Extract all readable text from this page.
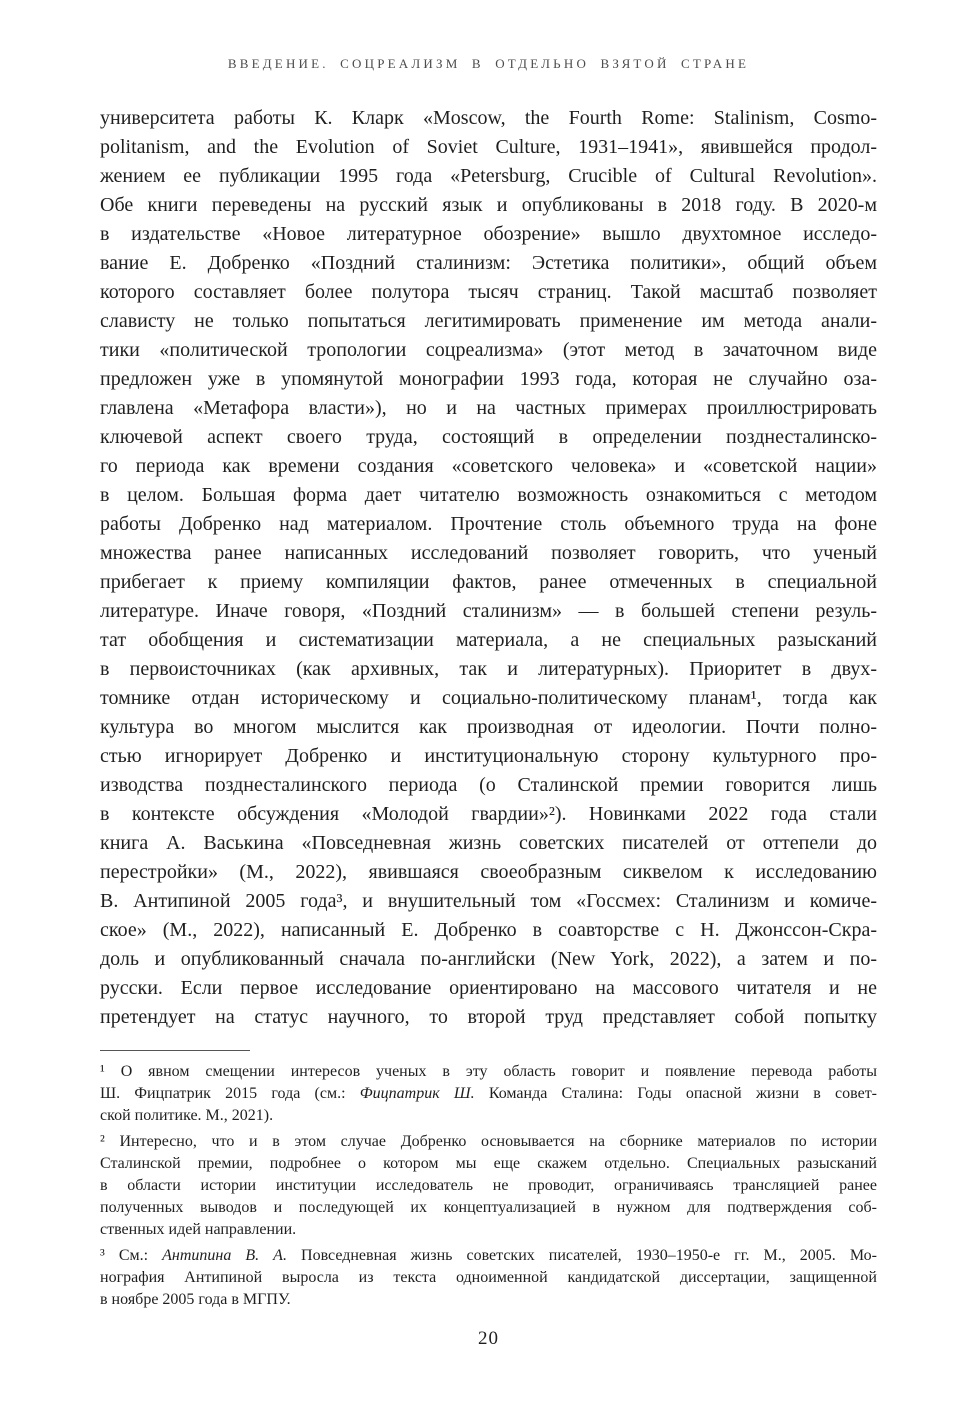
ВВЕДЕНИЕ. СОЦРЕАЛИЗМ В ОТДЕЛЬНО ВЗЯТОЙ СТРАНЕ
университета работы К. Кларк «Moscow, the Fourth Rome: Stalinism, Cosmo-
politanism, and the Evolution of Soviet Culture, 1931–1941», явившейся продол-
жением ее публикации 1995 года «Petersburg, Crucible of Cultural Revolution».
Обе книги переведены на русский язык и опубликованы в 2018 году. В 2020-м
в издательстве «Новое литературное обозрение» вышло двухтомное исследо-
вание Е. Добренко «Поздний сталинизм: Эстетика политики», общий объем
которого составляет более полутора тысяч страниц. Такой масштаб позволяет
слависту не только попытаться легитимировать применение им метода анали-
тики «политической тропологии соцреализма» (этот метод в зачаточном виде
предложен уже в упомянутой монографии 1993 года, которая не случайно оза-
главлена «Метафора власти»), но и на частных примерах проиллюстрировать
ключевой аспект своего труда, состоящий в определении позднесталинско-
го периода как времени создания «советского человека» и «советской нации»
в целом. Большая форма дает читателю возможность ознакомиться с методом
работы Добренко над материалом. Прочтение столь объемного труда на фоне
множества ранее написанных исследований позволяет говорить, что ученый
прибегает к приему компиляции фактов, ранее отмеченных в специальной
литературе. Иначе говоря, «Поздний сталинизм» — в большей степени резуль-
тат обобщения и систематизации материала, а не специальных разысканий
в первоисточниках (как архивных, так и литературных). Приоритет в двух-
томнике отдан историческому и социально-политическому планам¹, тогда как
культура во многом мыслится как производная от идеологии. Почти полно-
стью игнорирует Добренко и институциональную сторону культурного про-
изводства позднесталинского периода (о Сталинской премии говорится лишь
в контексте обсуждения «Молодой гвардии»²). Новинками 2022 года стали
книга А. Васькина «Повседневная жизнь советских писателей от оттепели до
перестройки» (М., 2022), явившаяся своеобразным сиквелом к исследованию
В. Антипиной 2005 года³, и внушительный том «Госсмех: Сталинизм и комиче-
ское» (М., 2022), написанный Е. Добренко в соавторстве с Н. Джонссон-Скра-
доль и опубликованный сначала по-английски (New York, 2022), а затем и по-
русски. Если первое исследование ориентировано на массового читателя и не
претендует на статус научного, то второй труд представляет собой попытку
¹ О явном смещении интересов ученых в эту область говорит и появление перевода работы
Ш. Фицпатрик 2015 года (см.: Фицпатрик Ш. Команда Сталина: Годы опасной жизни в совет-
ской политике. М., 2021).
² Интересно, что и в этом случае Добренко основывается на сборнике материалов по истории
Сталинской премии, подробнее о котором мы еще скажем отдельно. Специальных разысканий
в области истории институции исследователь не проводит, ограничиваясь трансляцией ранее
полученных выводов и последующей их концептуализацией в нужном для подтверждения соб-
ственных идей направлении.
³ См.: Антипина В. А. Повседневная жизнь советских писателей, 1930–1950-е гг. М., 2005. Мо-
нография Антипиной выросла из текста одноименной кандидатской диссертации, защищенной
в ноябре 2005 года в МГПУ.
20
